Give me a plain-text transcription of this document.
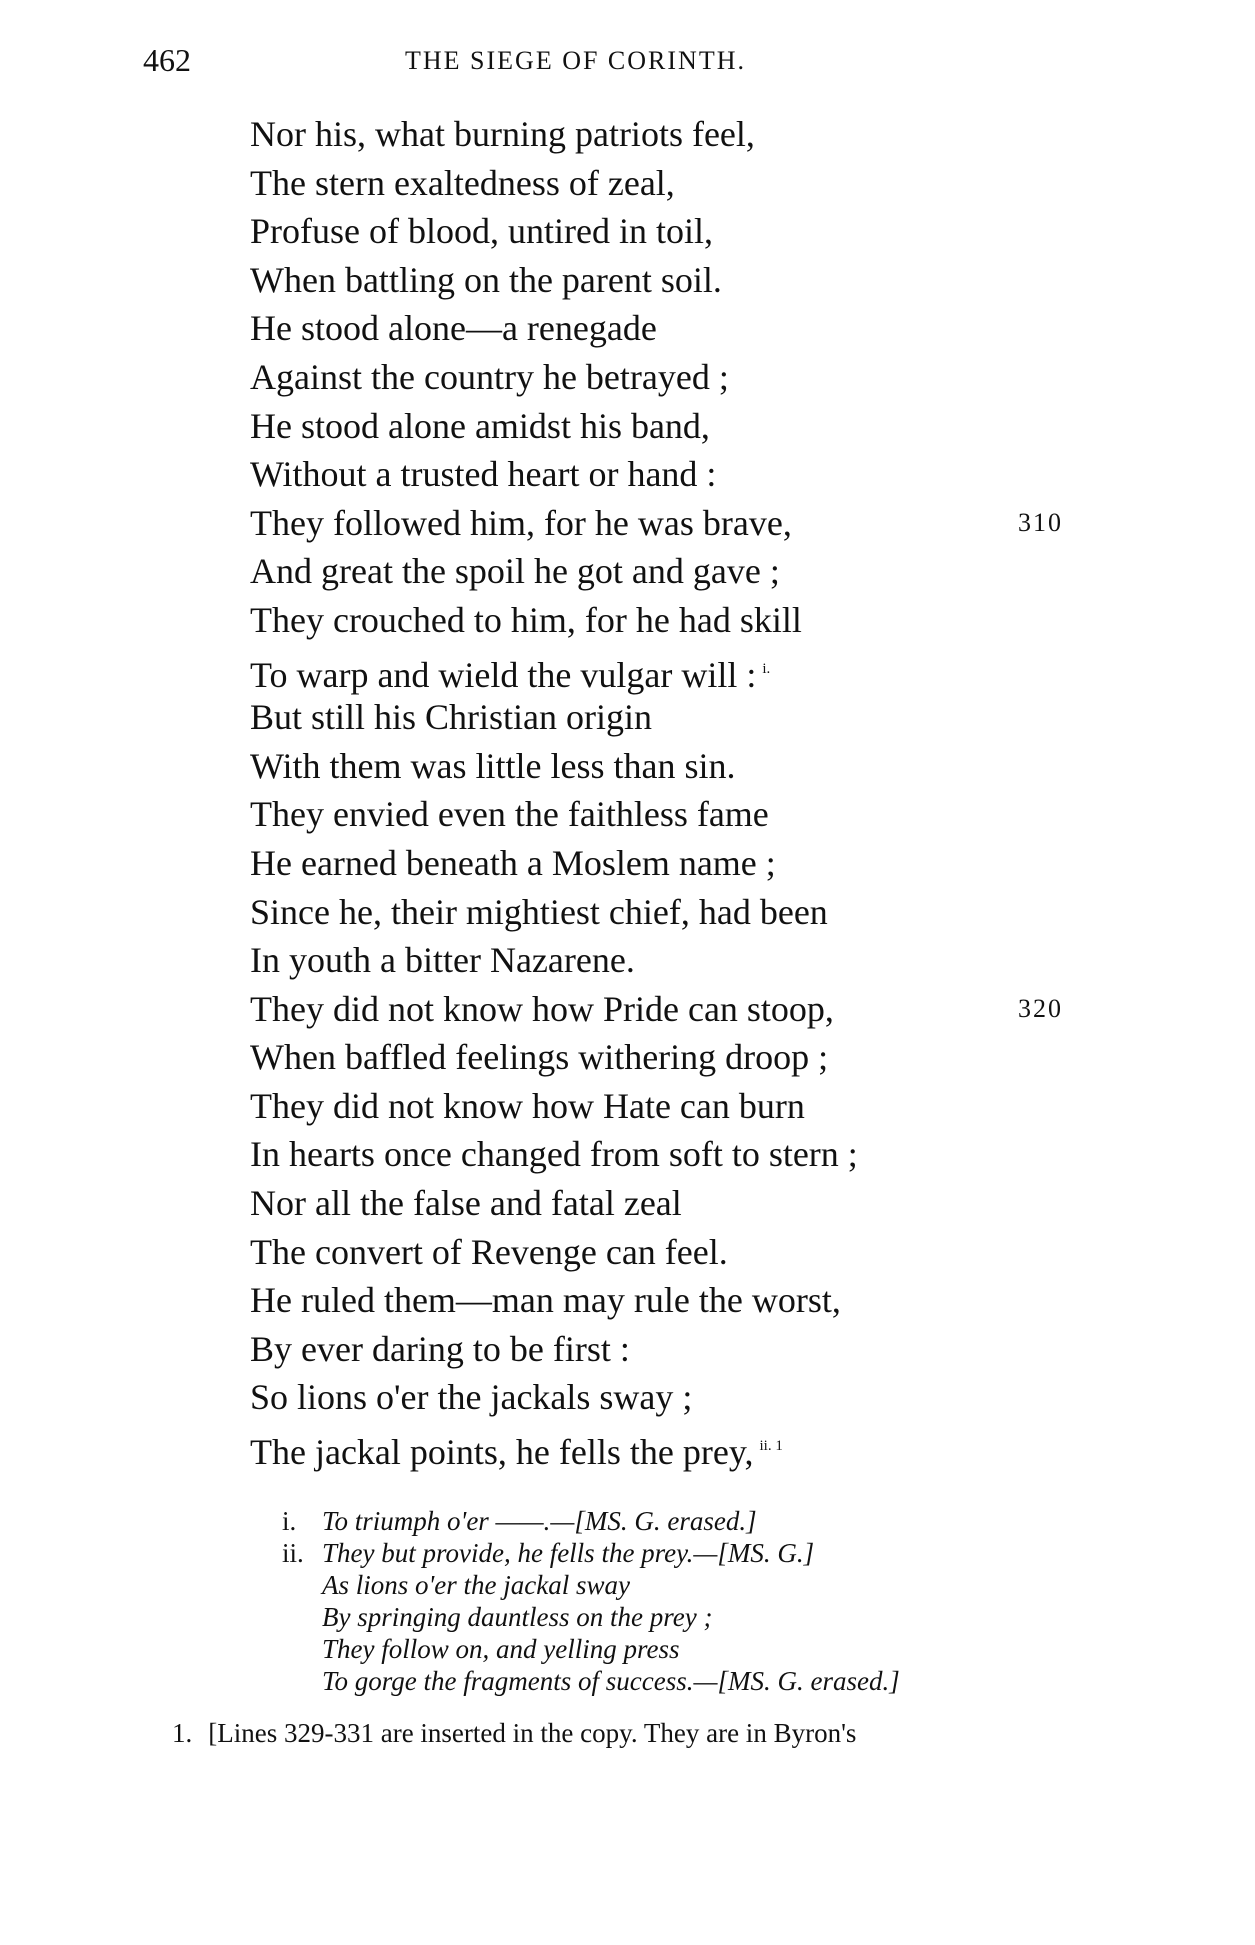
462	THE SIEGE OF CORINTH.
Nor his, what burning patriots feel,
The stern exaltedness of zeal,
Profuse of blood, untired in toil,
When battling on the parent soil.
He stood alone—a renegade
Against the country he betrayed ;
He stood alone amidst his band,
Without a trusted heart or hand :
They followed him, for he was brave,	310
And great the spoil he got and gave ;
They crouched to him, for he had skill
To warp and wield the vulgar will : $^{i.}$
But still his Christian origin
With them was little less than sin.
They envied even the faithless fame
He earned beneath a Moslem name ;
Since he, their mightiest chief, had been
In youth a bitter Nazarene.
They did not know how Pride can stoop,	320
When baffled feelings withering droop ;
They did not know how Hate can burn
In hearts once changed from soft to stern ;
Nor all the false and fatal zeal
The convert of Revenge can feel.
He ruled them—man may rule the worst,
By ever daring to be first :
So lions o'er the jackals sway ;
The jackal points, he fells the prey, $^{ii. 1}$
i. To triumph o'er ——.—[MS. G. erased.]
ii. They but provide, he fells the prey.—[MS. G.]
As lions o'er the jackal sway
By springing dauntless on the prey ;
They follow on, and yelling press
To gorge the fragments of success.—[MS. G. erased.]
1. [Lines 329-331 are inserted in the copy. They are in Byron's
